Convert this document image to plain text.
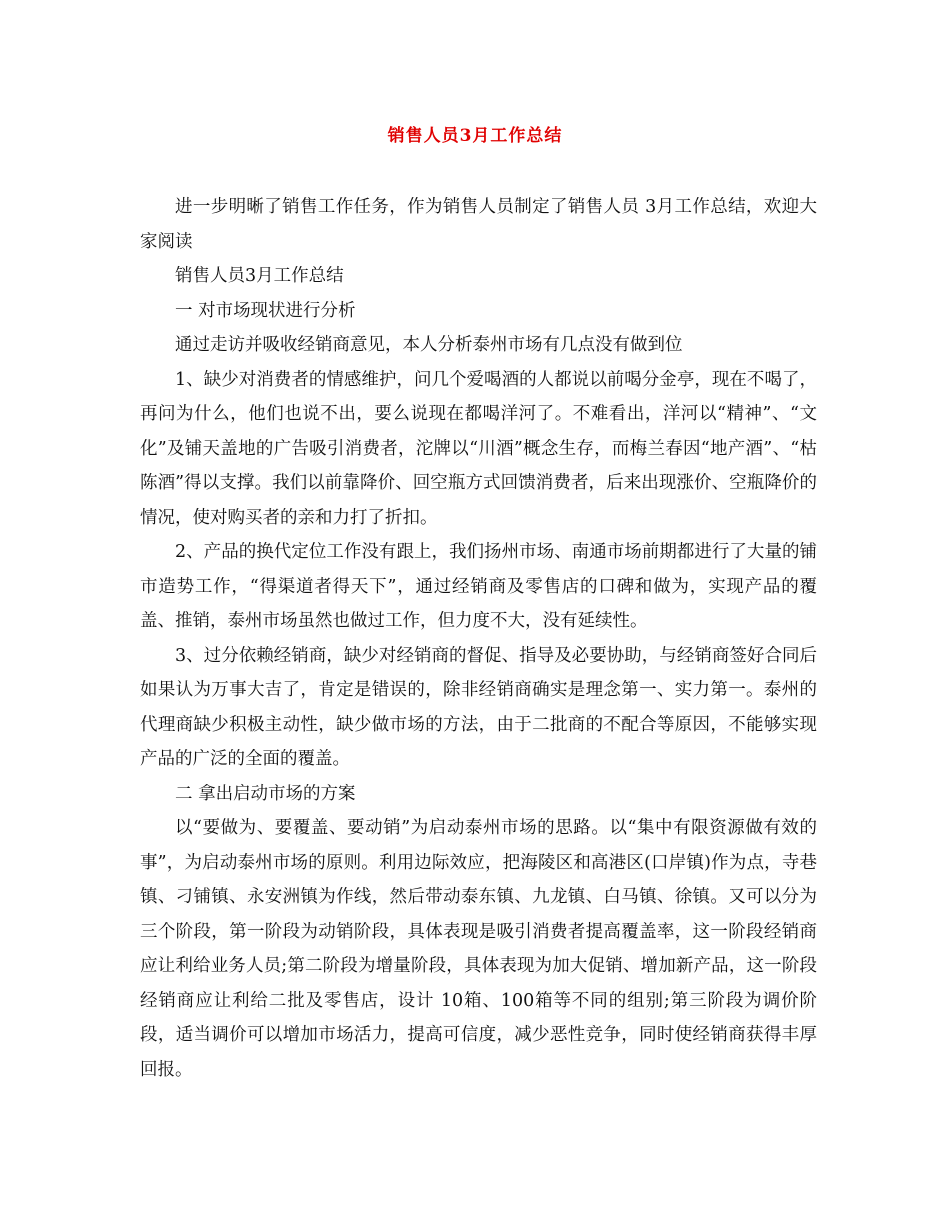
销售人员3月工作总结

进一步明晰了销售工作任务，作为销售人员制定了销售人员 3月工作总结，欢迎大家阅读

销售人员3月工作总结

一 对市场现状进行分析

通过走访并吸收经销商意见，本人分析泰州市场有几点没有做到位

1、缺少对消费者的情感维护，问几个爱喝酒的人都说以前喝分金亭，现在不喝了，再问为什么，他们也说不出，要么说现在都喝洋河了。不难看出，洋河以“精神”、“文化”及铺天盖地的广告吸引消费者，沱牌以“川酒”概念生存，而梅兰春因“地产酒”、“枯陈酒”得以支撑。我们以前靠降价、回空瓶方式回馈消费者，后来出现涨价、空瓶降价的情况，使对购买者的亲和力打了折扣。

2、产品的换代定位工作没有跟上，我们扬州市场、南通市场前期都进行了大量的铺市造势工作，“得渠道者得天下”，通过经销商及零售店的口碑和做为，实现产品的覆盖、推销，泰州市场虽然也做过工作，但力度不大，没有延续性。

3、过分依赖经销商，缺少对经销商的督促、指导及必要协助，与经销商签好合同后如果认为万事大吉了，肯定是错误的，除非经销商确实是理念第一、实力第一。泰州的代理商缺少积极主动性，缺少做市场的方法，由于二批商的不配合等原因，不能够实现产品的广泛的全面的覆盖。

二 拿出启动市场的方案

以“要做为、要覆盖、要动销”为启动泰州市场的思路。以“集中有限资源做有效的事”，为启动泰州市场的原则。利用边际效应，把海陵区和高港区(口岸镇)作为点，寺巷镇、刁铺镇、永安洲镇为作线，然后带动泰东镇、九龙镇、白马镇、徐镇。又可以分为三个阶段，第一阶段为动销阶段，具体表现是吸引消费者提高覆盖率，这一阶段经销商应让利给业务人员;第二阶段为增量阶段，具体表现为加大促销、增加新产品，这一阶段经销商应让利给二批及零售店，设计 10箱、100箱等不同的组别;第三阶段为调价阶段，适当调价可以增加市场活力，提高可信度，减少恶性竞争，同时使经销商获得丰厚回报。
